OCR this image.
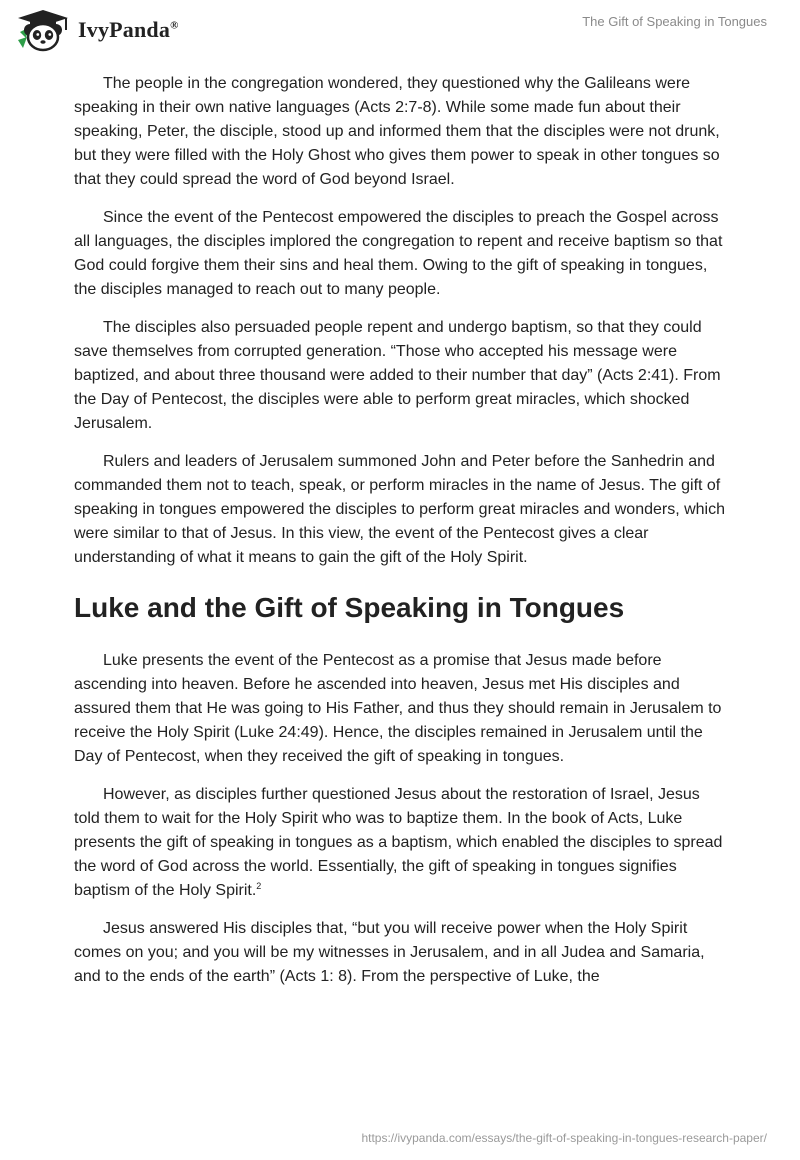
IvyPanda®	The Gift of Speaking in Tongues

The people in the congregation wondered, they questioned why the Galileans were speaking in their own native languages (Acts 2:7-8). While some made fun about their speaking, Peter, the disciple, stood up and informed them that the disciples were not drunk, but they were filled with the Holy Ghost who gives them power to speak in other tongues so that they could spread the word of God beyond Israel.

Since the event of the Pentecost empowered the disciples to preach the Gospel across all languages, the disciples implored the congregation to repent and receive baptism so that God could forgive them their sins and heal them. Owing to the gift of speaking in tongues, the disciples managed to reach out to many people.

The disciples also persuaded people repent and undergo baptism, so that they could save themselves from corrupted generation. “Those who accepted his message were baptized, and about three thousand were added to their number that day” (Acts 2:41). From the Day of Pentecost, the disciples were able to perform great miracles, which shocked Jerusalem.

Rulers and leaders of Jerusalem summoned John and Peter before the Sanhedrin and commanded them not to teach, speak, or perform miracles in the name of Jesus. The gift of speaking in tongues empowered the disciples to perform great miracles and wonders, which were similar to that of Jesus. In this view, the event of the Pentecost gives a clear understanding of what it means to gain the gift of the Holy Spirit.

Luke and the Gift of Speaking in Tongues

Luke presents the event of the Pentecost as a promise that Jesus made before ascending into heaven. Before he ascended into heaven, Jesus met His disciples and assured them that He was going to His Father, and thus they should remain in Jerusalem to receive the Holy Spirit (Luke 24:49). Hence, the disciples remained in Jerusalem until the Day of Pentecost, when they received the gift of speaking in tongues.

However, as disciples further questioned Jesus about the restoration of Israel, Jesus told them to wait for the Holy Spirit who was to baptize them. In the book of Acts, Luke presents the gift of speaking in tongues as a baptism, which enabled the disciples to spread the word of God across the world. Essentially, the gift of speaking in tongues signifies baptism of the Holy Spirit.$^2$

Jesus answered His disciples that, “but you will receive power when the Holy Spirit comes on you; and you will be my witnesses in Jerusalem, and in all Judea and Samaria, and to the ends of the earth” (Acts 1: 8). From the perspective of Luke, the

https://ivypanda.com/essays/the-gift-of-speaking-in-tongues-research-paper/
